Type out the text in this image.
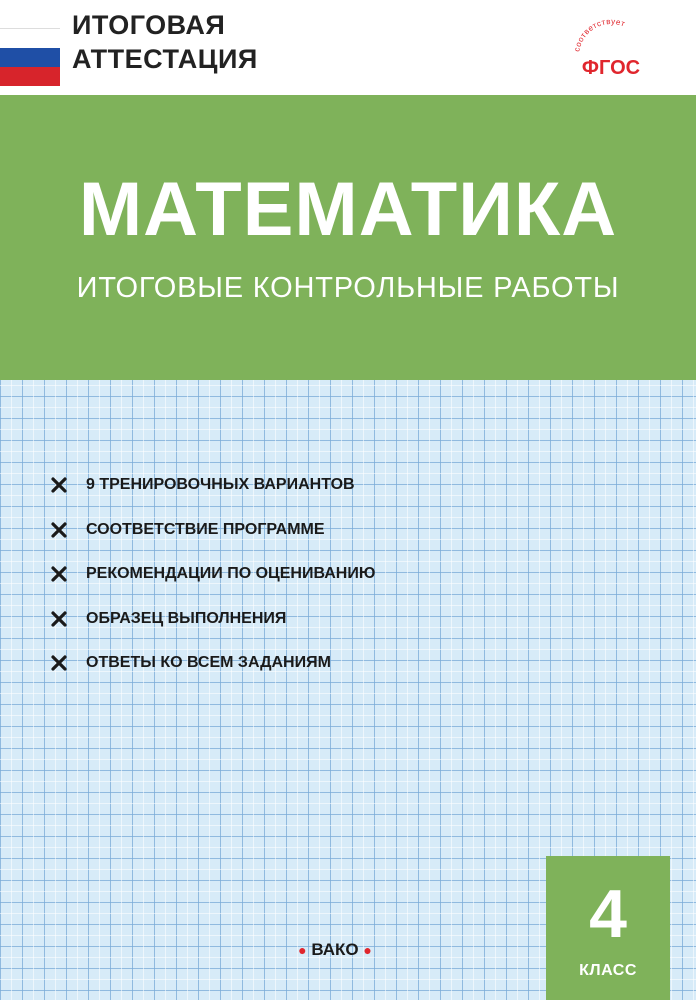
ИТОГОВАЯ
АТТЕСТАЦИЯ	соответствует
ФГОС
МАТЕМАТИКА
ИТОГОВЫЕ КОНТРОЛЬНЫЕ РАБОТЫ
9 ТРЕНИРОВОЧНЫХ ВАРИАНТОВ
СООТВЕТСТВИЕ ПРОГРАММЕ
РЕКОМЕНДАЦИИ ПО ОЦЕНИВАНИЮ
ОБРАЗЕЦ ВЫПОЛНЕНИЯ
ОТВЕТЫ КО ВСЕМ ЗАДАНИЯМ
● ВАКО ●	4
КЛАСС
